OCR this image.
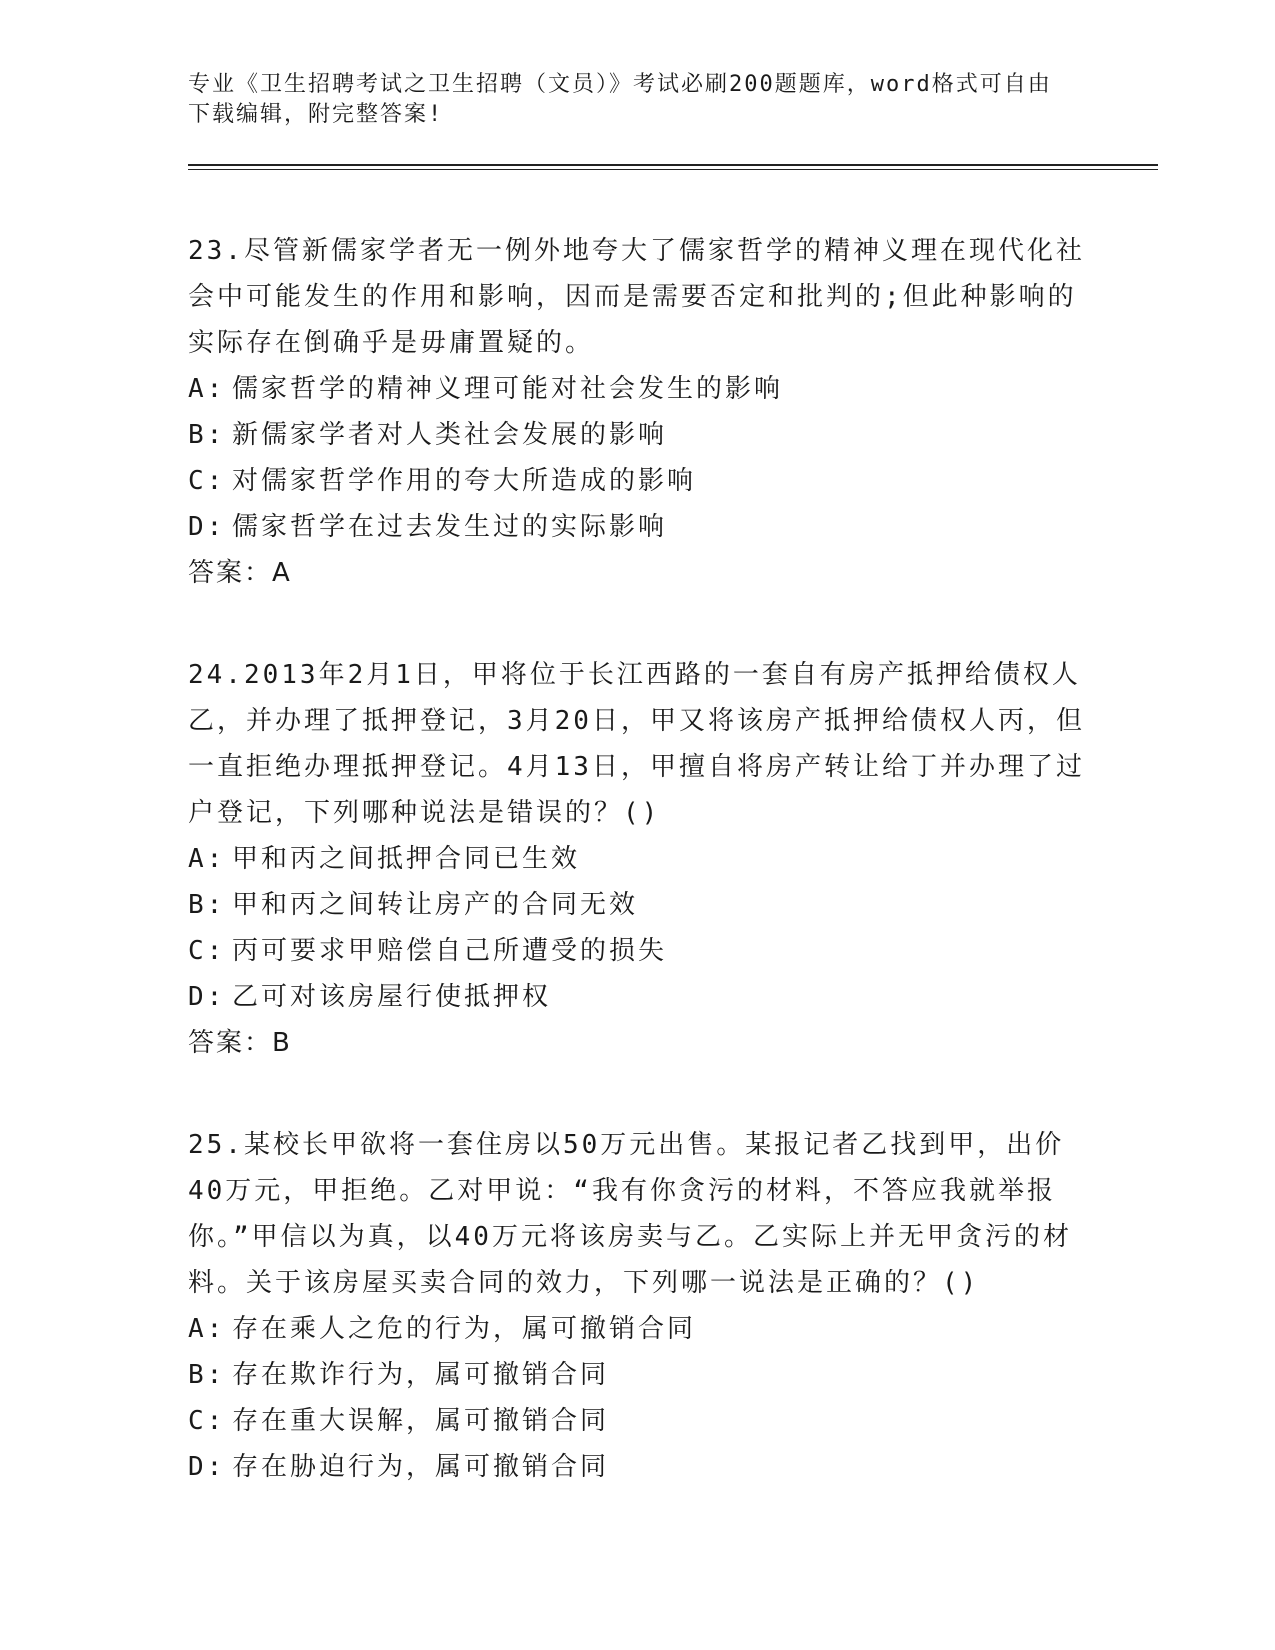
专业《卫生招聘考试之卫生招聘（文员）》考试必刷200题题库，word格式可自由下载编辑，附完整答案!
23.尽管新儒家学者无一例外地夸大了儒家哲学的精神义理在现代化社会中可能发生的作用和影响，因而是需要否定和批判的;但此种影响的实际存在倒确乎是毋庸置疑的。
A: 儒家哲学的精神义理可能对社会发生的影响
B: 新儒家学者对人类社会发展的影响
C: 对儒家哲学作用的夸大所造成的影响
D: 儒家哲学在过去发生过的实际影响
答案：A
24.2013年2月1日，甲将位于长江西路的一套自有房产抵押给债权人乙，并办理了抵押登记，3月20日，甲又将该房产抵押给债权人丙，但一直拒绝办理抵押登记。4月13日，甲擅自将房产转让给丁并办理了过户登记，下列哪种说法是错误的？()
A: 甲和丙之间抵押合同已生效
B: 甲和丙之间转让房产的合同无效
C: 丙可要求甲赔偿自己所遭受的损失
D: 乙可对该房屋行使抵押权
答案：B
25.某校长甲欲将一套住房以50万元出售。某报记者乙找到甲，出价40万元，甲拒绝。乙对甲说：“我有你贪污的材料，不答应我就举报你。”甲信以为真，以40万元将该房卖与乙。乙实际上并无甲贪污的材料。关于该房屋买卖合同的效力，下列哪一说法是正确的？()
A: 存在乘人之危的行为，属可撤销合同
B: 存在欺诈行为，属可撤销合同
C: 存在重大误解，属可撤销合同
D: 存在胁迫行为，属可撤销合同
